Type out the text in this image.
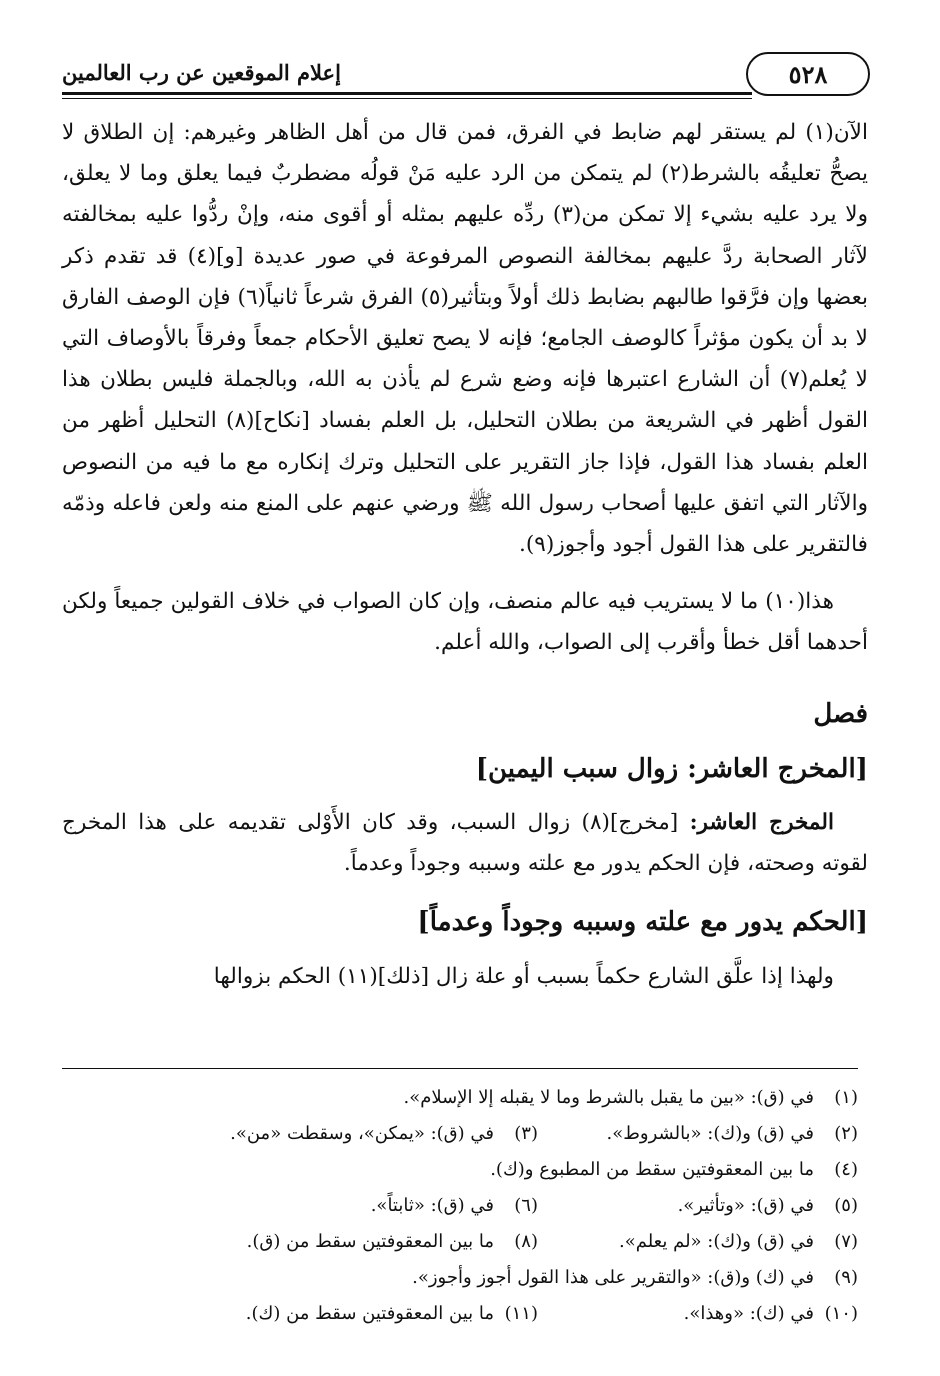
٥٢٨
إعلام الموقعين عن رب العالمين

الآن(١) لم يستقر لهم ضابط في الفرق، فمن قال من أهل الظاهر وغيرهم: إن الطلاق لا يصحُّ تعليقُه بالشرط(٢) لم يتمكن من الرد عليه مَنْ قولُه مضطربٌ فيما يعلق وما لا يعلق، ولا يرد عليه بشيء إلا تمكن من(٣) ردِّه عليهم بمثله أو أقوى منه، وإنْ ردُّوا عليه بمخالفته لآثار الصحابة ردَّ عليهم بمخالفة النصوص المرفوعة في صور عديدة [و](٤) قد تقدم ذكر بعضها وإن فرَّقوا طالبهم بضابط ذلك أولاً وبتأثير(٥) الفرق شرعاً ثانياً(٦) فإن الوصف الفارق لا بد أن يكون مؤثراً كالوصف الجامع؛ فإنه لا يصح تعليق الأحكام جمعاً وفرقاً بالأوصاف التي لا يُعلم(٧) أن الشارع اعتبرها فإنه وضع شرع لم يأذن به الله، وبالجملة فليس بطلان هذا القول أظهر في الشريعة من بطلان التحليل، بل العلم بفساد [نكاح](٨) التحليل أظهر من العلم بفساد هذا القول، فإذا جاز التقرير على التحليل وترك إنكاره مع ما فيه من النصوص والآثار التي اتفق عليها أصحاب رسول الله ﷺ ورضي عنهم على المنع منه ولعن فاعله وذمّه فالتقرير على هذا القول أجود وأجوز(٩).

هذا(١٠) ما لا يستريب فيه عالم منصف، وإن كان الصواب في خلاف القولين جميعاً ولكن أحدهما أقل خطأ وأقرب إلى الصواب، والله أعلم.

فصل
[المخرج العاشر: زوال سبب اليمين]

المخرج العاشر: [مخرج](٨) زوال السبب، وقد كان الأَوْلى تقديمه على هذا المخرج لقوته وصحته، فإن الحكم يدور مع علته وسببه وجوداً وعدماً.

[الحكم يدور مع علته وسببه وجوداً وعدماً]

ولهذا إذا علَّق الشارع حكماً بسبب أو علة زال [ذلك](١١) الحكم بزوالها

(١)
في (ق): «بين ما يقبل بالشرط وما لا يقبله إلا الإسلام».
(٢)
في (ق) و(ك): «بالشروط».
(٣)
في (ق): «يمكن»، وسقطت «من».
(٤)
ما بين المعقوفتين سقط من المطبوع و(ك).
(٥)
في (ق): «وتأثير».
(٦)
في (ق): «ثابتاً».
(٧)
في (ق) و(ك): «لم يعلم».
(٨)
ما بين المعقوفتين سقط من (ق).
(٩)
في (ك) و(ق): «والتقرير على هذا القول أجوز وأجوز».
(١٠)
في (ك): «وهذا».
(١١)
ما بين المعقوفتين سقط من (ك).
